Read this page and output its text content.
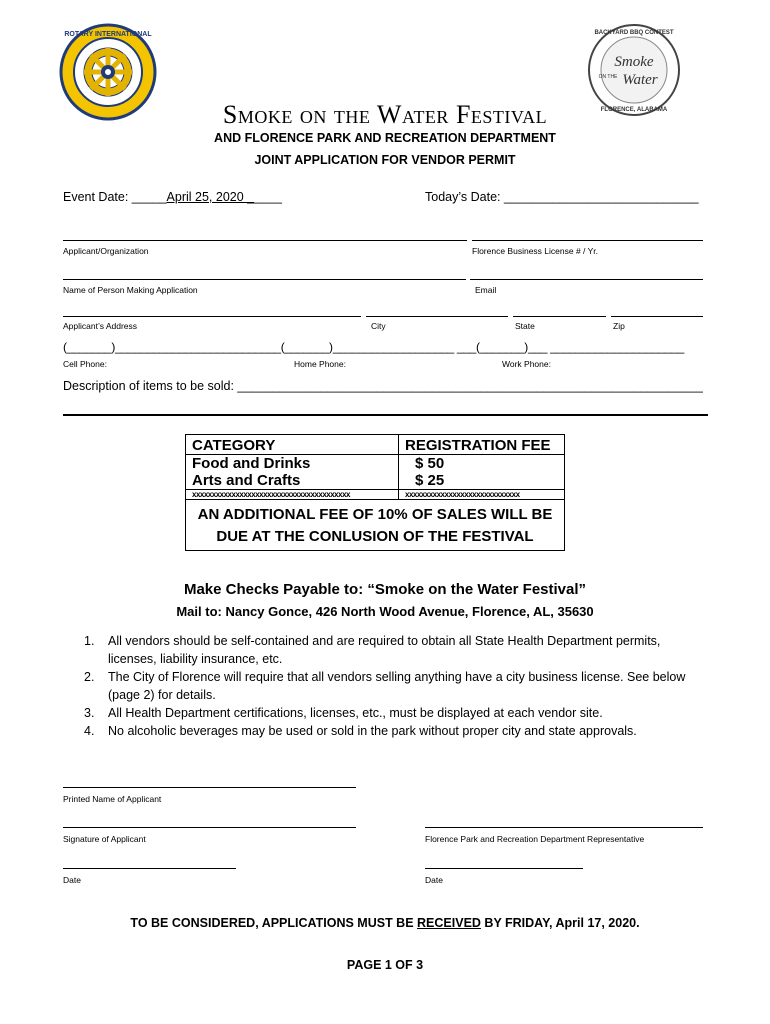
ROTARY INTERNATIONAL	BACKYARD BBQ CONTEST
Smoke
ON THE Water
FLORENCE, ALABAMA
Smoke on the Water Festival
AND FLORENCE PARK AND RECREATION DEPARTMENT
JOINT APPLICATION FOR VENDOR PERMIT
Event Date: _____April 25, 2020 _____	Today’s Date: ____________________________
Applicant/Organization	Florence Business License # / Yr.
Name of Person Making Application	Email
Applicant’s Address	City	State	Zip
(_______)__________________________(_______)___________________ ___(_______)___ _____________________
Cell Phone:	Home Phone:	Work Phone:
Description of items to be sold: ___________________________________________________________________
CATEGORY	REGISTRATION FEE
Food and Drinks	$ 50
Arts and Crafts	$ 25
xxxxxxxxxxxxxxxxxxxxxxxxxxxxxxxxxxxxxxxx	xxxxxxxxxxxxxxxxxxxxxxxxxxxxx

AN ADDITIONAL FEE OF 10% OF SALES WILL BE
DUE AT THE CONLUSION OF THE FESTIVAL	
Make Checks Payable to: “Smoke on the Water Festival”
Mail to: Nancy Gonce, 426 North Wood Avenue, Florence, AL, 35630
1.	All vendors should be self-contained and are required to obtain all State Health Department permits,
licenses, liability insurance, etc.
2.	The City of Florence will require that all vendors selling anything have a city business license. See below
(page 2) for details.
3.	All Health Department certifications, licenses, etc., must be displayed at each vendor site.
4.	No alcoholic beverages may be used or sold in the park without proper city and state approvals.
Printed Name of Applicant
Signature of Applicant	Florence Park and Recreation Department Representative
Date	Date
TO BE CONSIDERED, APPLICATIONS MUST BE RECEIVED BY FRIDAY, April 17, 2020.
PAGE 1 OF 3
